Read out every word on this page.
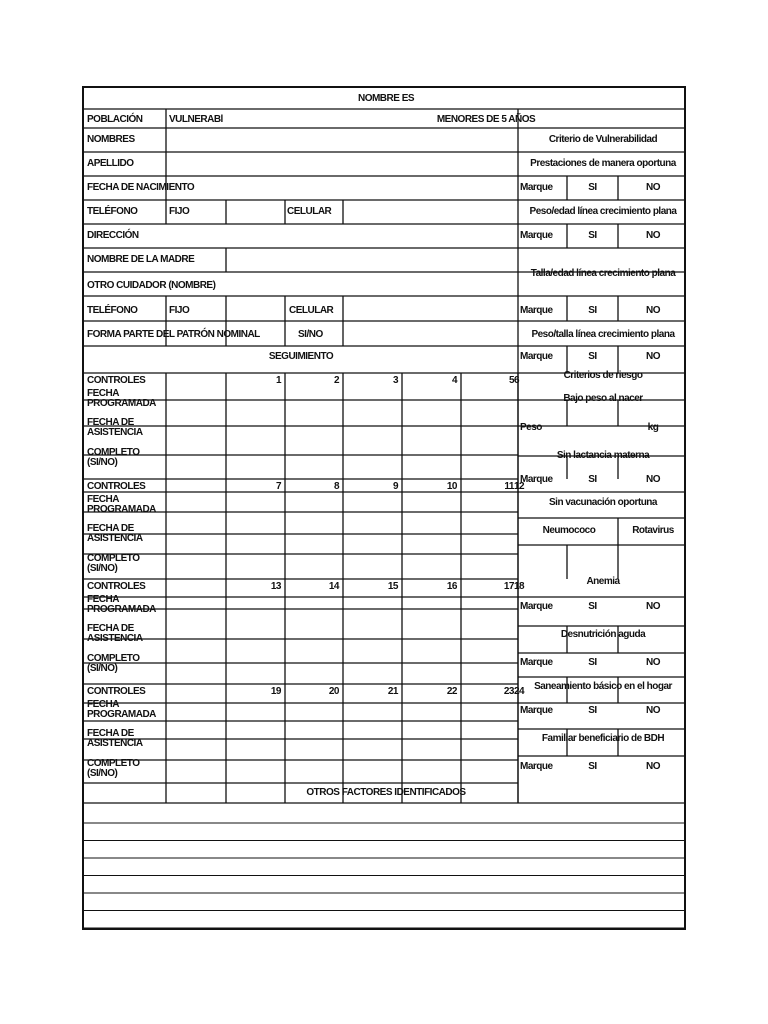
NOMBRE ES
POBLACIÓN	VULNERABl	MENORES DE 5 AÑOS
NOMBRES
APELLIDO
FECHA DE NACIMIENTO
TELÉFONO	FIJO	CELULAR
DIRECCIÓN
NOMBRE DE LA MADRE
OTRO CUIDADOR (NOMBRE)
TELÉFONO	FIJO	CELULAR
FORMA PARTE DEL PATRÓN NOMINAL	SI/NO
SEGUIMIENTO
CONTROLES	1	2	3	4	5 6
FECHA PROGRAMADA
FECHA DE ASISTENCIA
COMPLETO (SI/NO)
CONTROLES	7	8	9	10	11 12
FECHA PROGRAMADA
FECHA DE ASISTENCIA
COMPLETO (SI/NO)
CONTROLES	13	14	15	16	17 18
FECHA PROGRAMADA
FECHA DE ASISTENCIA
COMPLETO (SI/NO)
CONTROLES	19	20	21	22	23 24
FECHA PROGRAMADA
FECHA DE ASISTENCIA
COMPLETO (SI/NO)
Criterio de Vulnerabilidad
Prestaciones de manera oportuna
Marque	SI	NO
Peso/edad línea crecimiento plana
Marque	SI	NO
Talla/edad línea crecimiento plana
Marque	SI	NO
Peso/talla línea crecimiento plana
Marque	SI	NO
Criterios de riesgo
Bajo peso al nacer
Peso	kg
Sin lactancia materna
Marque	SI	NO
Sin vacunación oportuna
Neumococo	Rotavirus
Anemia
Marque	SI	NO
Desnutrición aguda
Marque	SI	NO
Saneamiento básico en el hogar
Marque	SI	NO
Familiar beneficiario de BDH
Marque	SI	NO
OTROS FACTORES IDENTIFICADOS
